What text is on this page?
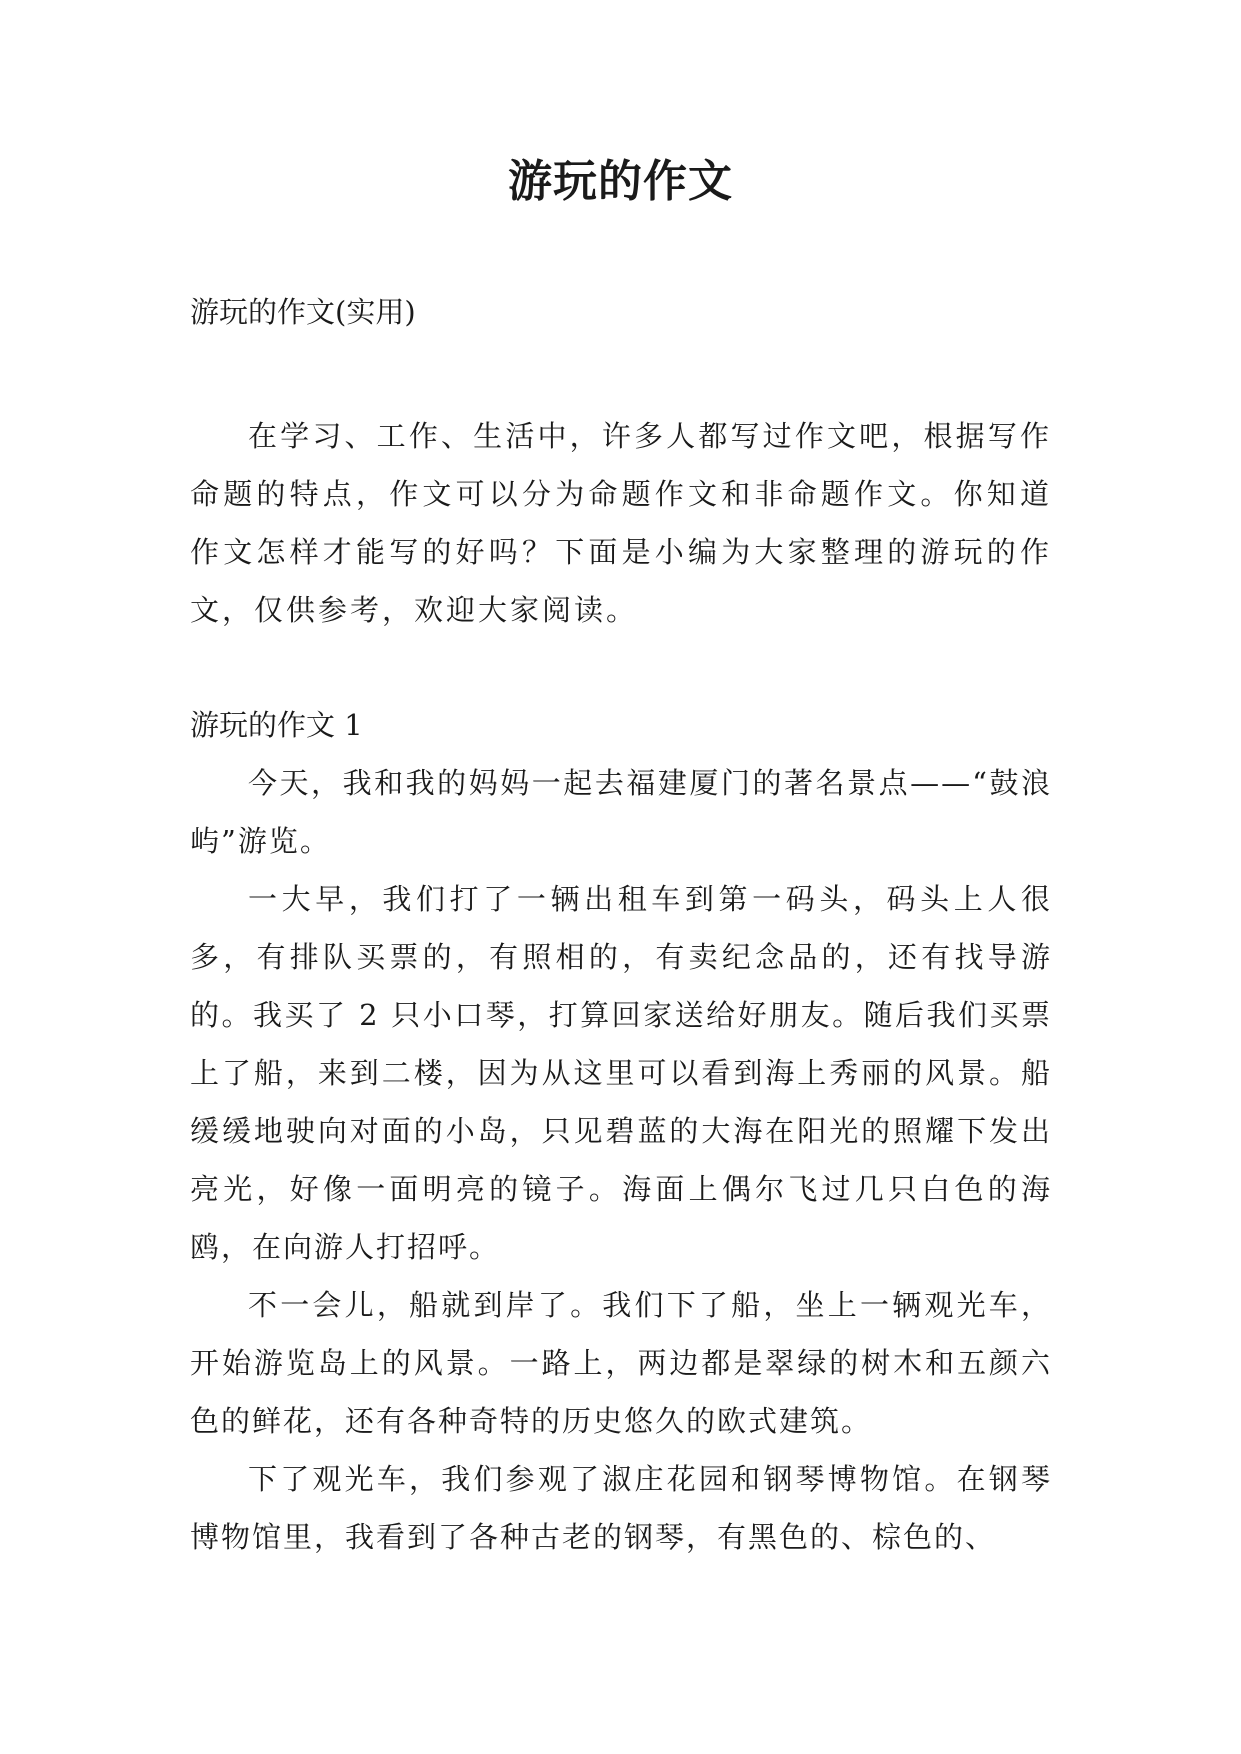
游玩的作文

游玩的作文(实用)

在学习、工作、生活中，许多人都写过作文吧，根据写作命题的特点，作文可以分为命题作文和非命题作文。你知道作文怎样才能写的好吗？下面是小编为大家整理的游玩的作文，仅供参考，欢迎大家阅读。

游玩的作文 1

今天，我和我的妈妈一起去福建厦门的著名景点——“鼓浪屿”游览。

一大早，我们打了一辆出租车到第一码头，码头上人很多，有排队买票的，有照相的，有卖纪念品的，还有找导游的。我买了 2 只小口琴，打算回家送给好朋友。随后我们买票上了船，来到二楼，因为从这里可以看到海上秀丽的风景。船缓缓地驶向对面的小岛，只见碧蓝的大海在阳光的照耀下发出亮光，好像一面明亮的镜子。海面上偶尔飞过几只白色的海鸥，在向游人打招呼。

不一会儿，船就到岸了。我们下了船，坐上一辆观光车，开始游览岛上的风景。一路上，两边都是翠绿的树木和五颜六色的鲜花，还有各种奇特的历史悠久的欧式建筑。

下了观光车，我们参观了淑庄花园和钢琴博物馆。在钢琴博物馆里，我看到了各种古老的钢琴，有黑色的、棕色的、
